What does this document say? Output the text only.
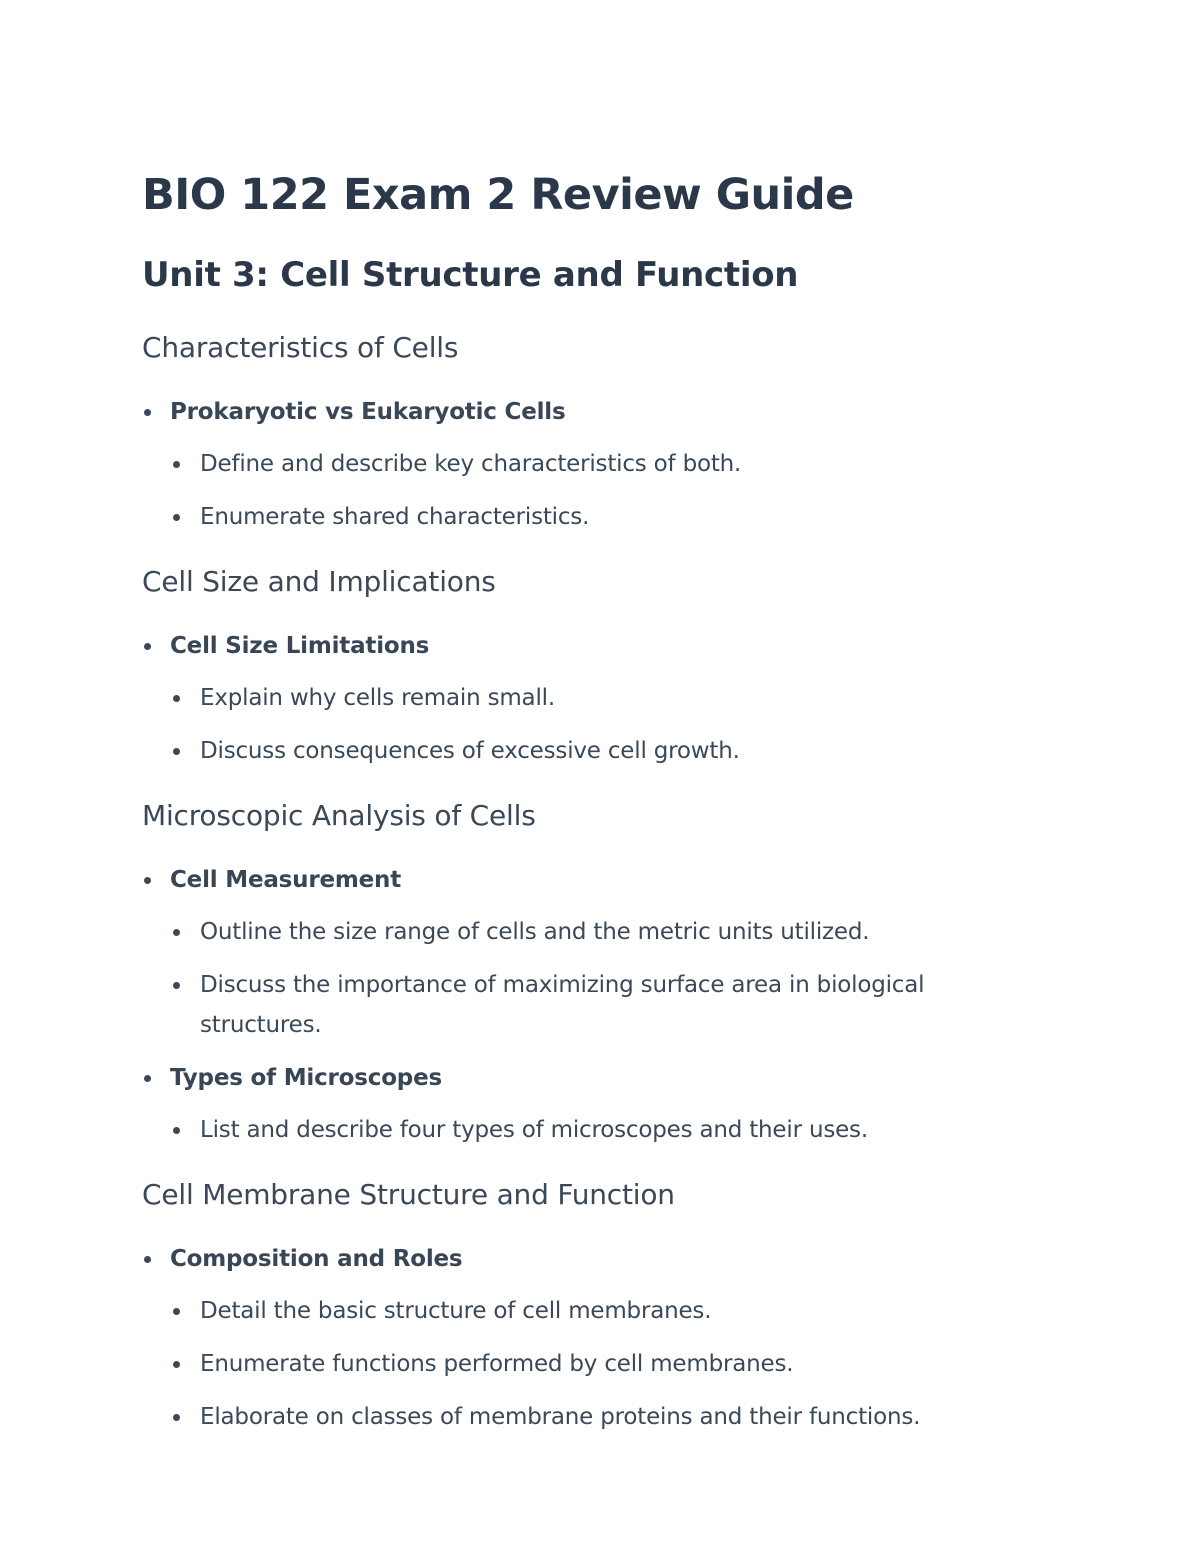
BIO 122 Exam 2 Review Guide
Unit 3: Cell Structure and Function
Characteristics of Cells
Prokaryotic vs Eukaryotic Cells
Define and describe key characteristics of both.
Enumerate shared characteristics.
Cell Size and Implications
Cell Size Limitations
Explain why cells remain small.
Discuss consequences of excessive cell growth.
Microscopic Analysis of Cells
Cell Measurement
Outline the size range of cells and the metric units utilized.
Discuss the importance of maximizing surface area in biological structures.
Types of Microscopes
List and describe four types of microscopes and their uses.
Cell Membrane Structure and Function
Composition and Roles
Detail the basic structure of cell membranes.
Enumerate functions performed by cell membranes.
Elaborate on classes of membrane proteins and their functions.
